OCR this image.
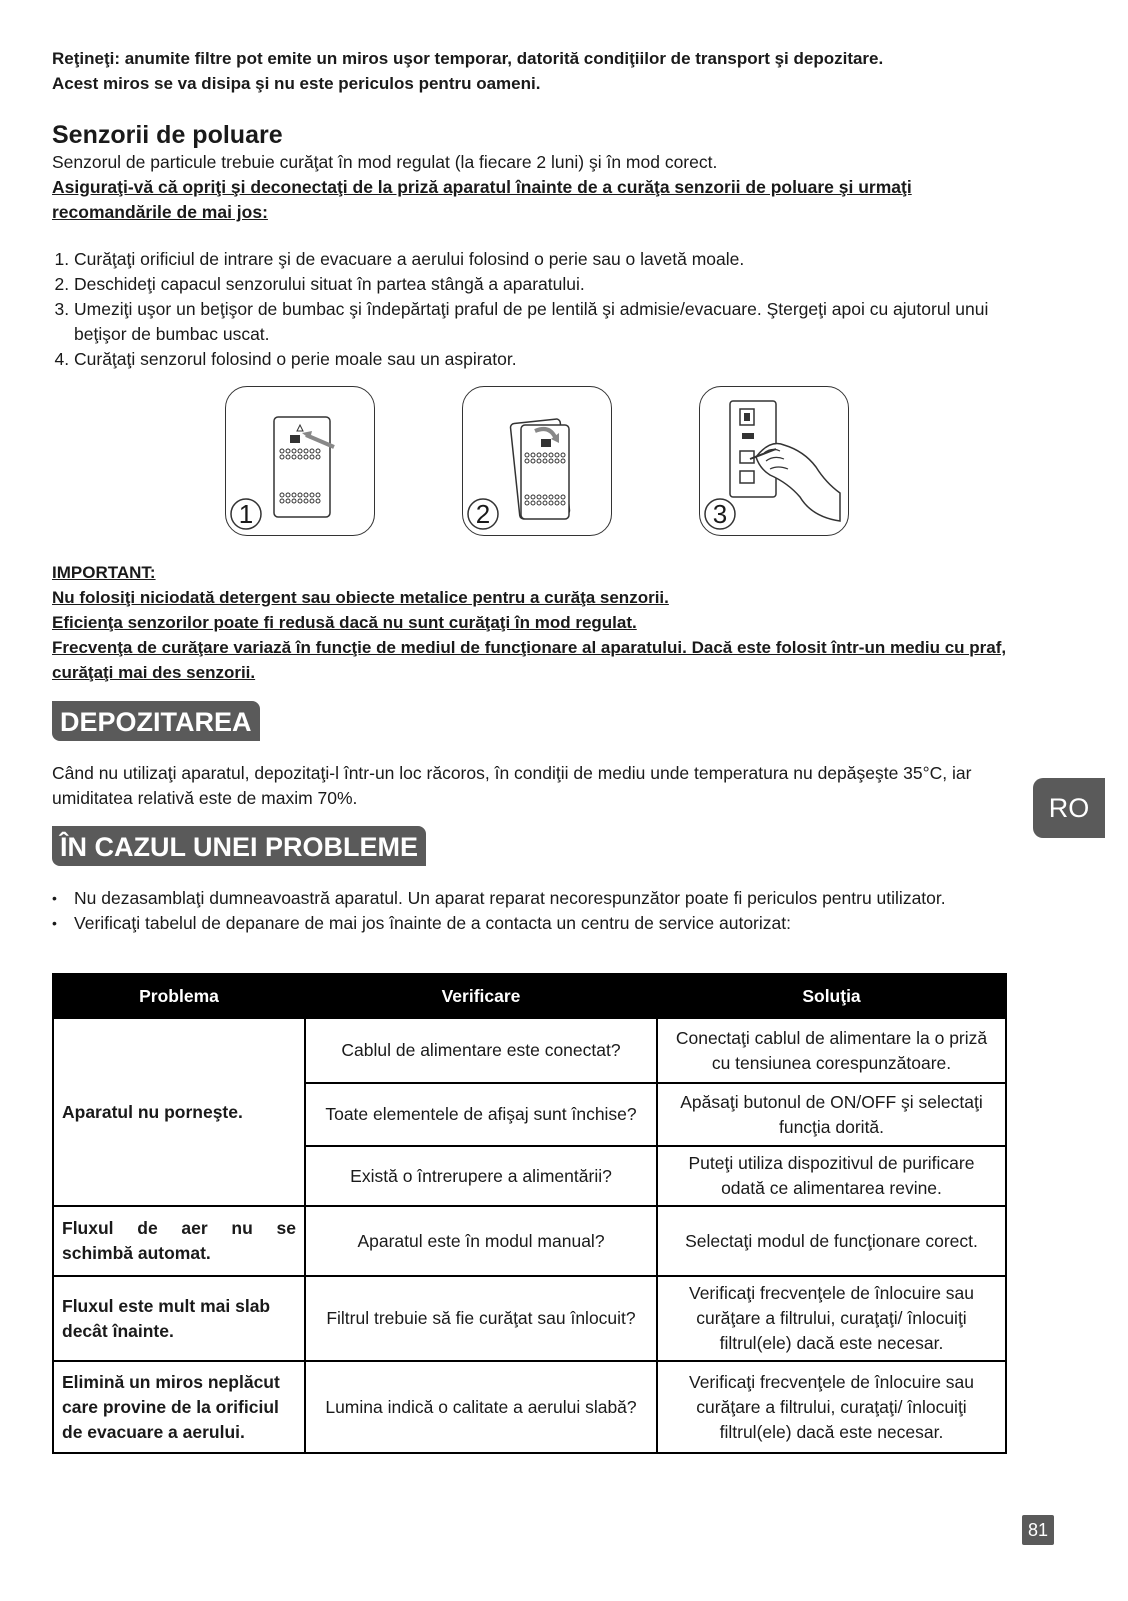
Reţineţi: anumite filtre pot emite un miros uşor temporar, datorită condiţiilor de transport şi depozitare.

Acest miros se va disipa şi nu este periculos pentru oameni.

Senzorii de poluare

Senzorul de particule trebuie curăţat în mod regulat (la fiecare 2 luni) şi în mod corect.

Asiguraţi-vă că opriţi şi deconectaţi de la priză aparatul înainte de a curăţa senzorii de poluare şi urmaţi recomandările de mai jos:

1. Curăţaţi orificiul de intrare şi de evacuare a aerului folosind o perie sau o lavetă moale.
2. Deschideţi capacul senzorului situat în partea stângă a aparatului.
3. Umeziţi uşor un beţişor de bumbac şi îndepărtaţi praful de pe lentilă şi admisie/evacuare. Ştergeţi apoi cu ajutorul unui beţişor de bumbac uscat.
4. Curăţaţi senzorul folosind o perie moale sau un aspirator.
1	2	3

IMPORTANT:

Nu folosiţi niciodată detergent sau obiecte metalice pentru a curăţa senzorii.

Eficienţa senzorilor poate fi redusă dacă nu sunt curăţaţi în mod regulat.

Frecvenţa de curăţare variază în funcţie de mediul de funcţionare al aparatului. Dacă este folosit într-un mediu cu praf, curăţaţi mai des senzorii.

DEPOZITAREA

Când nu utilizaţi aparatul, depozitaţi-l într-un loc răcoros, în condiţii de mediu unde temperatura nu depăşeşte 35°C, iar umiditatea relativă este de maxim 70%.

ÎN CAZUL UNEI PROBLEME
• Nu dezasamblaţi dumneavoastră aparatul. Un aparat reparat necorespunzător poate fi periculos pentru utilizator.
• Verificaţi tabelul de depanare de mai jos înainte de a contacta un centru de service autorizat:
Problema	Verificare	Soluţia
Aparatul nu porneşte.	Cablul de alimentare este conectat?	Conectaţi cablul de alimentare la o priză cu tensiunea corespunzătoare.
	Toate elementele de afişaj sunt închise?	Apăsaţi butonul de ON/OFF şi selectaţi funcţia dorită.
	Există o întrerupere a alimentării?	Puteţi utiliza dispozitivul de purificare odată ce alimentarea revine.
Fluxul de aer nu se schimbă automat.	Aparatul este în modul manual?	Selectaţi modul de funcţionare corect.
Fluxul este mult mai slab decât înainte.	Filtrul trebuie să fie curăţat sau înlocuit?	Verificaţi frecvenţele de înlocuire sau curăţare a filtrului, curaţaţi/ înlocuiţi filtrul(ele) dacă este necesar.
Elimină un miros neplăcut care provine de la orificiul de evacuare a aerului.	Lumina indică o calitate a aerului slabă?	Verificaţi frecvenţele de înlocuire sau curăţare a filtrului, curaţaţi/ înlocuiţi filtrul(ele) dacă este necesar.
RO
81
